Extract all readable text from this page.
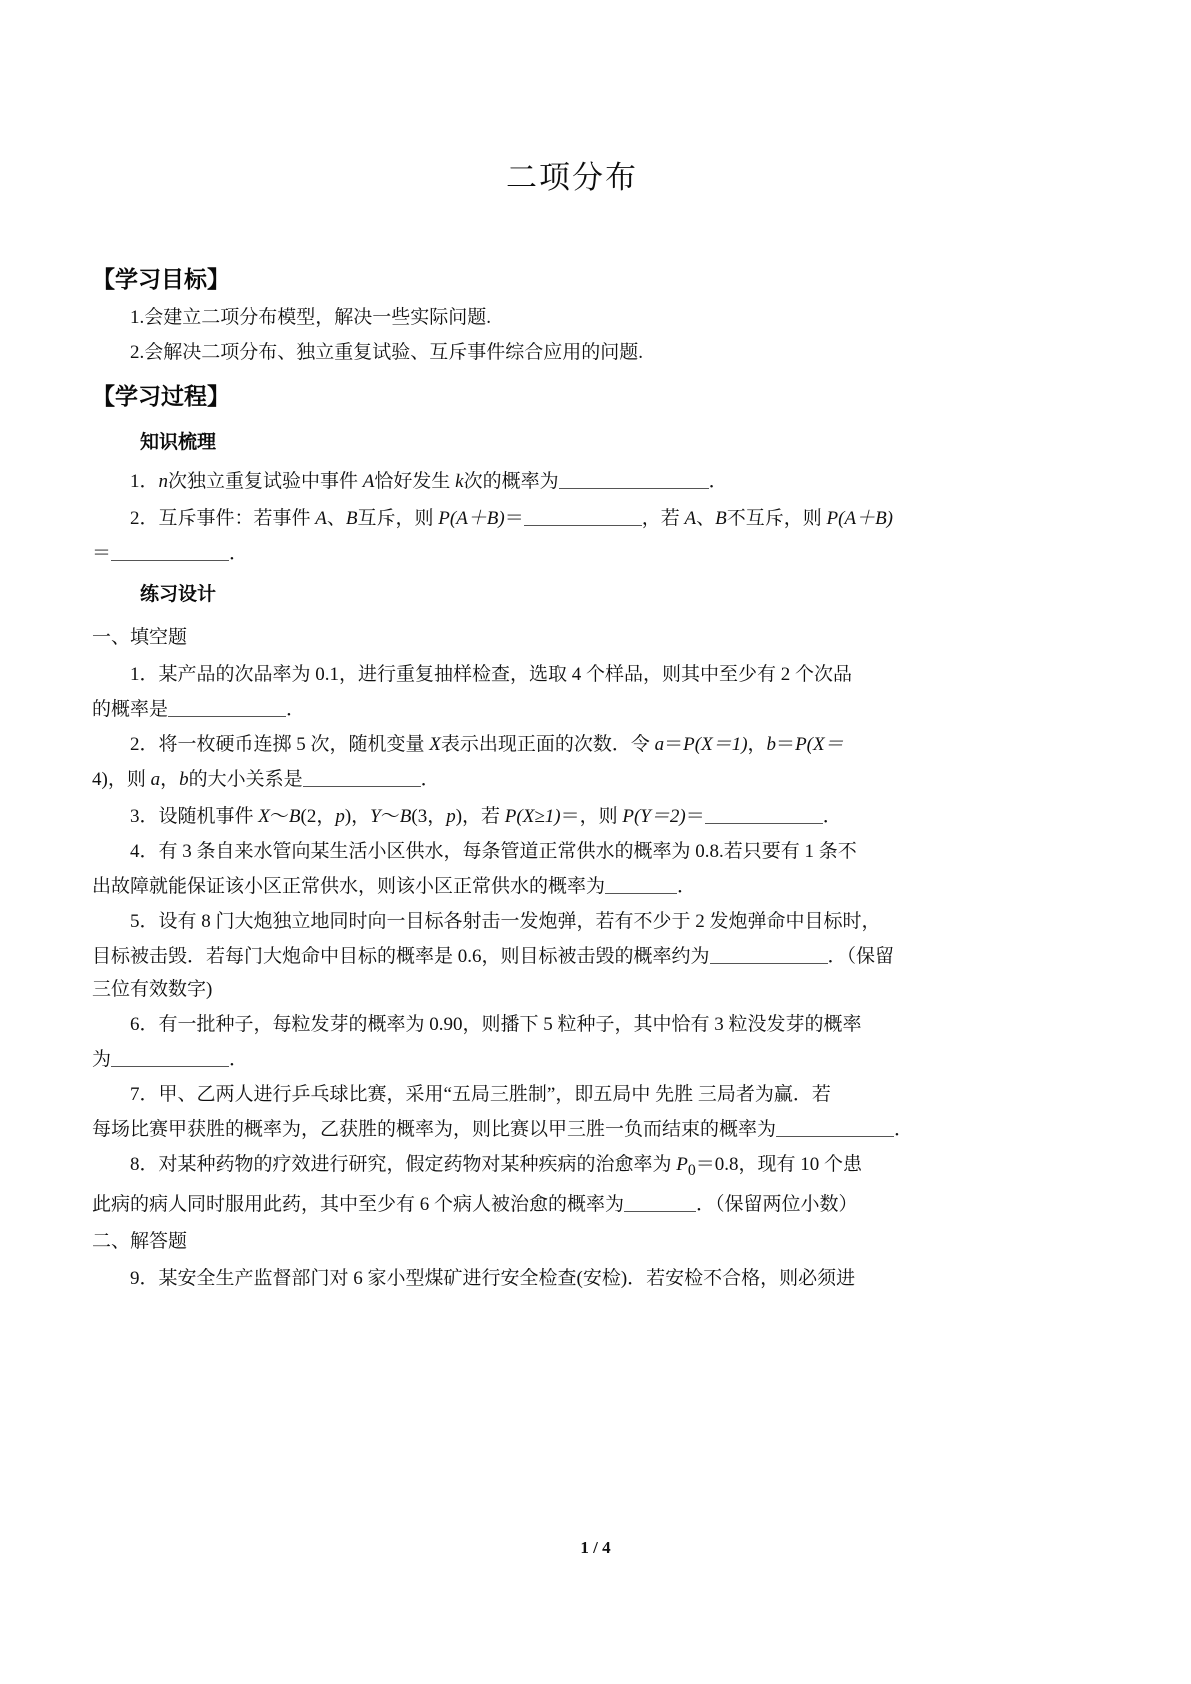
二项分布
【学习目标】

1.会建立二项分布模型，解决一些实际问题.

2.会解决二项分布、独立重复试验、互斥事件综合应用的问题.

【学习过程】
知识梳理

1．n次独立重复试验中事件 A恰好发生 k次的概率为	．

2．互斥事件：若事件 A、B互斥，则 P(A＋B)＝	，若 A、B不互斥，则 P(A＋B)

＝	．

练习设计
一、填空题

1．某产品的次品率为 0.1，进行重复抽样检查，选取 4 个样品，则其中至少有 2 个次品

的概率是	．

2．将一枚硬币连掷 5 次，随机变量 X表示出现正面的次数．令 a＝P(X＝1)，b＝P(X＝

4)，则 a，b的大小关系是	．

3．设随机事件 X～B(2，p)，Y～B(3，p)，若 P(X≥1)＝，则 P(Y＝2)＝	．

4．有 3 条自来水管向某生活小区供水，每条管道正常供水的概率为 0.8.若只要有 1 条不

出故障就能保证该小区正常供水，则该小区正常供水的概率为	．

5．设有 8 门大炮独立地同时向一目标各射击一发炮弹，若有不少于 2 发炮弹命中目标时，

目标被击毁．若每门大炮命中目标的概率是 0.6，则目标被击毁的概率约为	．（保留

三位有效数字)

6．有一批种子，每粒发芽的概率为 0.90，则播下 5 粒种子，其中恰有 3 粒没发芽的概率

为	．

7．甲、乙两人进行乒乓球比赛，采用“五局三胜制”，即五局中 先胜 三局者为赢．若

每场比赛甲获胜的概率为，乙获胜的概率为，则比赛以甲三胜一负而结束的概率为	．

8．对某种药物的疗效进行研究，假定药物对某种疾病的治愈率为 $P_0=0.8$，现有 10 个患

此病的病人同时服用此药，其中至少有 6 个病人被治愈的概率为	．（保留两位小数）

二、解答题

9．某安全生产监督部门对 6 家小型煤矿进行安全检查(安检)．若安检不合格，则必须进

1 / 4
